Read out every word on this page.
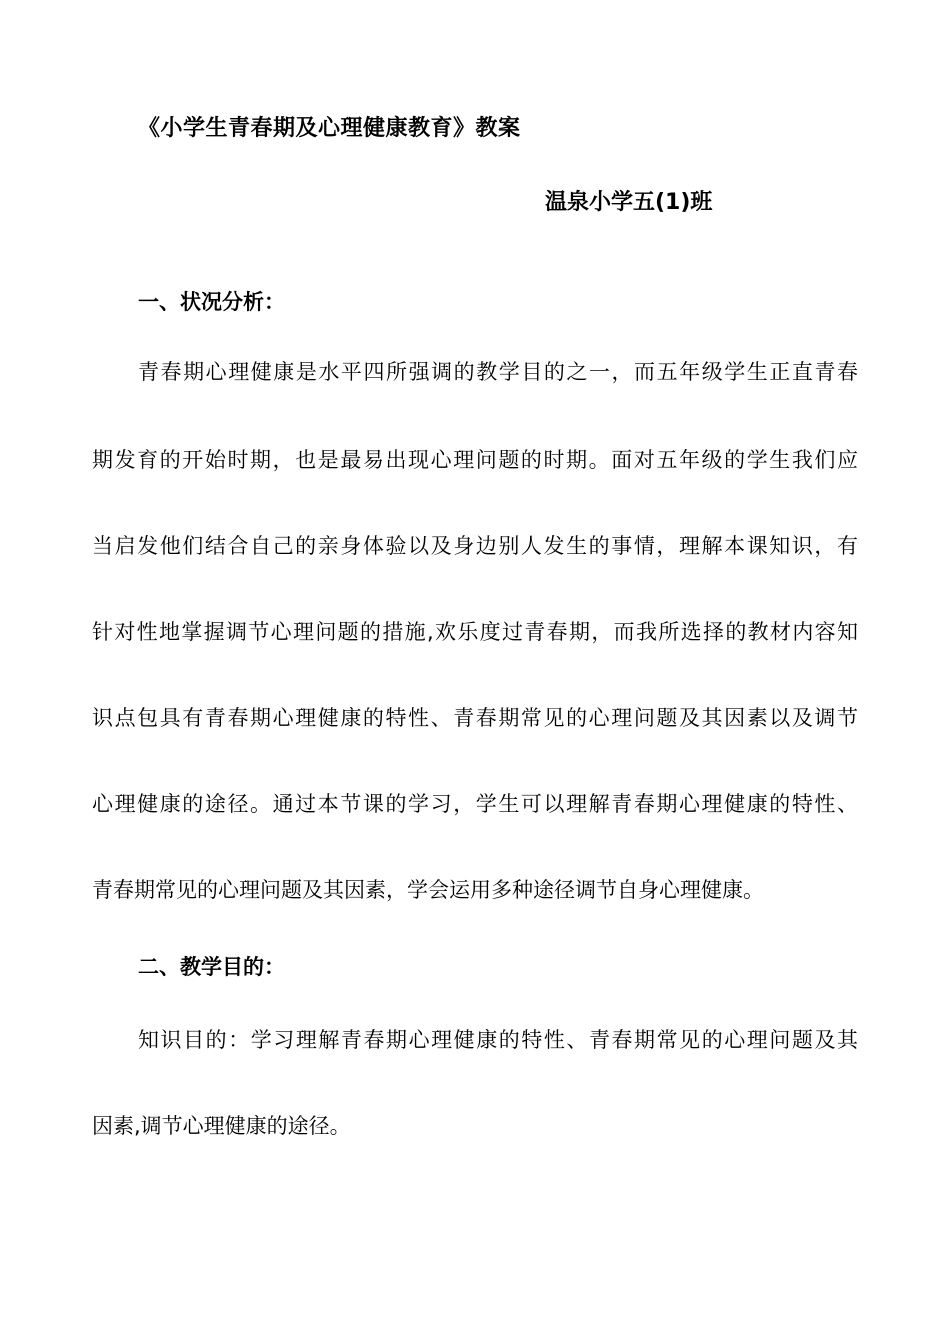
《小学生青春期及心理健康教育》教案
温泉小学五(1)班
一、状况分析：
青春期心理健康是水平四所强调的教学目的之一，而五年级学生正直青春
期发育的开始时期，也是最易出现心理问题的时期。面对五年级的学生我们应
当启发他们结合自己的亲身体验以及身边别人发生的事情，理解本课知识，有
针对性地掌握调节心理问题的措施,欢乐度过青春期，而我所选择的教材内容知
识点包具有青春期心理健康的特性、青春期常见的心理问题及其因素以及调节
心理健康的途径。通过本节课的学习，学生可以理解青春期心理健康的特性、
青春期常见的心理问题及其因素，学会运用多种途径调节自身心理健康。
二、教学目的：
知识目的：学习理解青春期心理健康的特性、青春期常见的心理问题及其
因素,调节心理健康的途径。
